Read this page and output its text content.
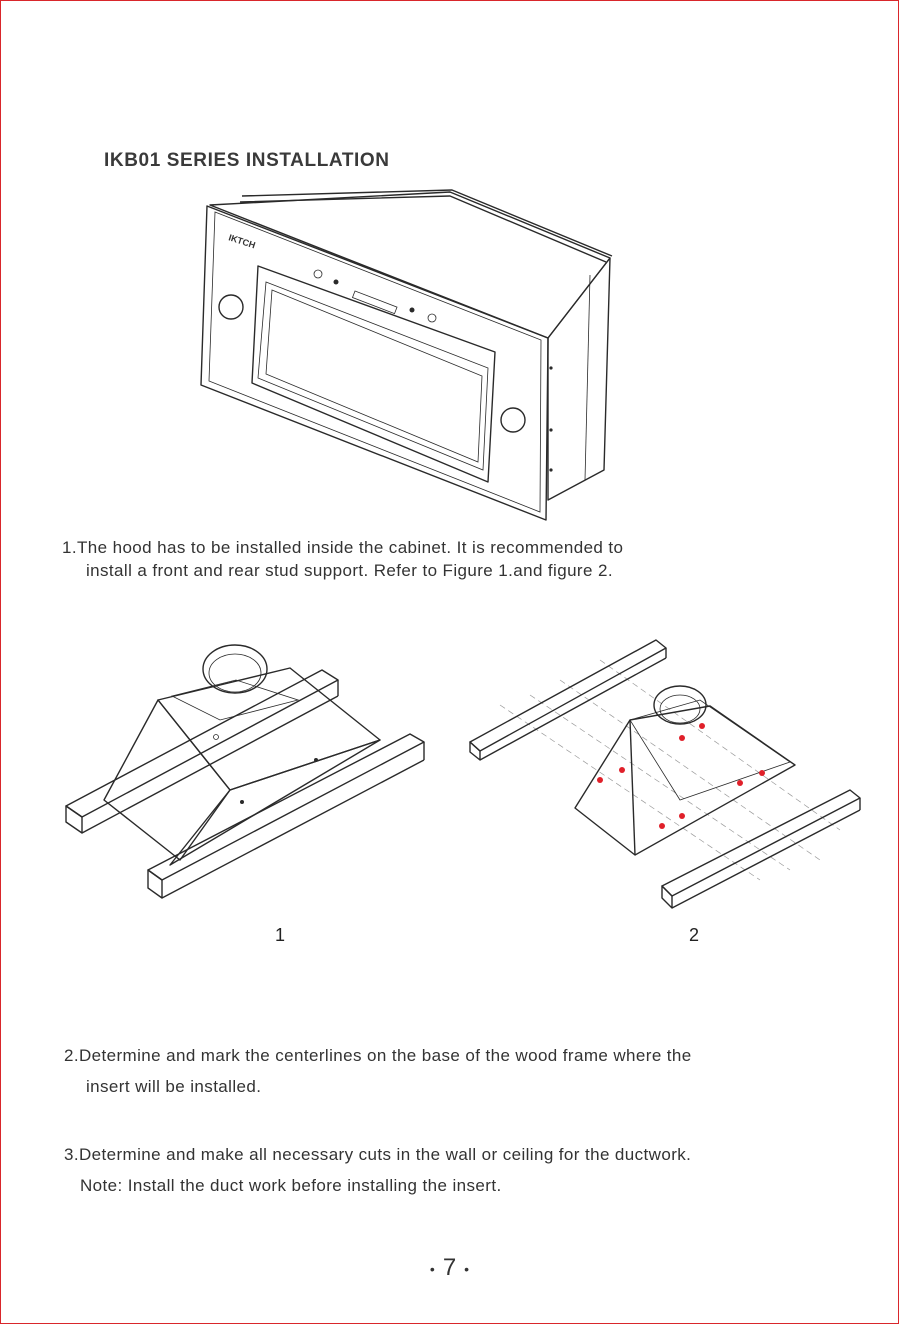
IKB01 SERIES INSTALLATION
IKTCH
1.The hood has to be installed inside the cabinet. It is recommended to
install a front and rear stud support. Refer to Figure 1.and figure 2.
1	2
2.Determine and mark the centerlines on the base of the wood frame where the
insert will be installed.
3.Determine and make all necessary cuts in the wall or ceiling for the ductwork.
Note: Install the duct work before installing the insert.
• 7 •
